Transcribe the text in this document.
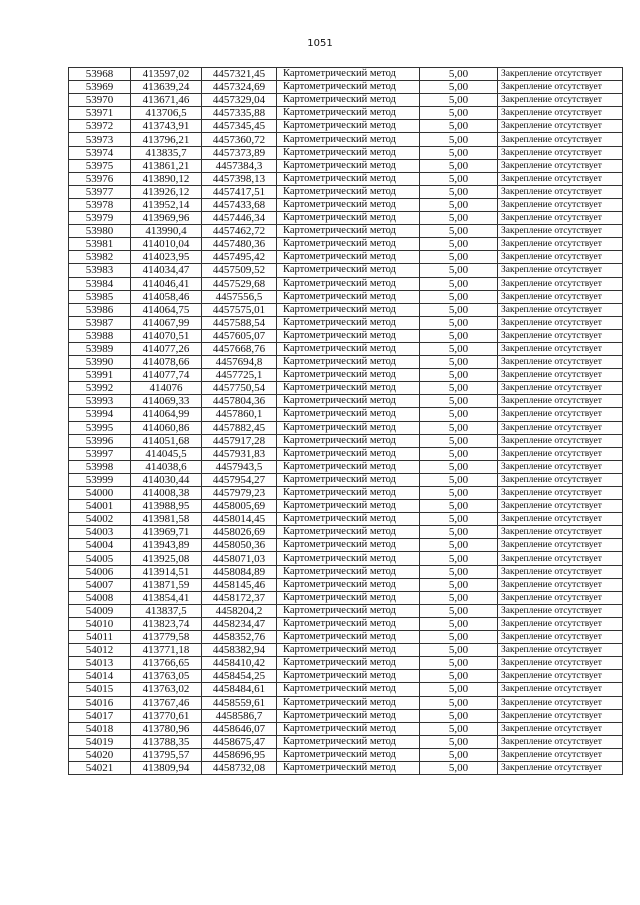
1051
53968	413597,02	4457321,45	Картометрический метод	5,00	Закрепление отсутствует
53969	413639,24	4457324,69	Картометрический метод	5,00	Закрепление отсутствует
53970	413671,46	4457329,04	Картометрический метод	5,00	Закрепление отсутствует
53971	413706,5	4457335,88	Картометрический метод	5,00	Закрепление отсутствует
53972	413743,91	4457345,45	Картометрический метод	5,00	Закрепление отсутствует
53973	413796,21	4457360,72	Картометрический метод	5,00	Закрепление отсутствует
53974	413835,7	4457373,89	Картометрический метод	5,00	Закрепление отсутствует
53975	413861,21	4457384,3	Картометрический метод	5,00	Закрепление отсутствует
53976	413890,12	4457398,13	Картометрический метод	5,00	Закрепление отсутствует
53977	413926,12	4457417,51	Картометрический метод	5,00	Закрепление отсутствует
53978	413952,14	4457433,68	Картометрический метод	5,00	Закрепление отсутствует
53979	413969,96	4457446,34	Картометрический метод	5,00	Закрепление отсутствует
53980	413990,4	4457462,72	Картометрический метод	5,00	Закрепление отсутствует
53981	414010,04	4457480,36	Картометрический метод	5,00	Закрепление отсутствует
53982	414023,95	4457495,42	Картометрический метод	5,00	Закрепление отсутствует
53983	414034,47	4457509,52	Картометрический метод	5,00	Закрепление отсутствует
53984	414046,41	4457529,68	Картометрический метод	5,00	Закрепление отсутствует
53985	414058,46	4457556,5	Картометрический метод	5,00	Закрепление отсутствует
53986	414064,75	4457575,01	Картометрический метод	5,00	Закрепление отсутствует
53987	414067,99	4457588,54	Картометрический метод	5,00	Закрепление отсутствует
53988	414070,51	4457605,07	Картометрический метод	5,00	Закрепление отсутствует
53989	414077,26	4457668,76	Картометрический метод	5,00	Закрепление отсутствует
53990	414078,66	4457694,8	Картометрический метод	5,00	Закрепление отсутствует
53991	414077,74	4457725,1	Картометрический метод	5,00	Закрепление отсутствует
53992	414076	4457750,54	Картометрический метод	5,00	Закрепление отсутствует
53993	414069,33	4457804,36	Картометрический метод	5,00	Закрепление отсутствует
53994	414064,99	4457860,1	Картометрический метод	5,00	Закрепление отсутствует
53995	414060,86	4457882,45	Картометрический метод	5,00	Закрепление отсутствует
53996	414051,68	4457917,28	Картометрический метод	5,00	Закрепление отсутствует
53997	414045,5	4457931,83	Картометрический метод	5,00	Закрепление отсутствует
53998	414038,6	4457943,5	Картометрический метод	5,00	Закрепление отсутствует
53999	414030,44	4457954,27	Картометрический метод	5,00	Закрепление отсутствует
54000	414008,38	4457979,23	Картометрический метод	5,00	Закрепление отсутствует
54001	413988,95	4458005,69	Картометрический метод	5,00	Закрепление отсутствует
54002	413981,58	4458014,45	Картометрический метод	5,00	Закрепление отсутствует
54003	413969,71	4458026,69	Картометрический метод	5,00	Закрепление отсутствует
54004	413943,89	4458050,36	Картометрический метод	5,00	Закрепление отсутствует
54005	413925,08	4458071,03	Картометрический метод	5,00	Закрепление отсутствует
54006	413914,51	4458084,89	Картометрический метод	5,00	Закрепление отсутствует
54007	413871,59	4458145,46	Картометрический метод	5,00	Закрепление отсутствует
54008	413854,41	4458172,37	Картометрический метод	5,00	Закрепление отсутствует
54009	413837,5	4458204,2	Картометрический метод	5,00	Закрепление отсутствует
54010	413823,74	4458234,47	Картометрический метод	5,00	Закрепление отсутствует
54011	413779,58	4458352,76	Картометрический метод	5,00	Закрепление отсутствует
54012	413771,18	4458382,94	Картометрический метод	5,00	Закрепление отсутствует
54013	413766,65	4458410,42	Картометрический метод	5,00	Закрепление отсутствует
54014	413763,05	4458454,25	Картометрический метод	5,00	Закрепление отсутствует
54015	413763,02	4458484,61	Картометрический метод	5,00	Закрепление отсутствует
54016	413767,46	4458559,61	Картометрический метод	5,00	Закрепление отсутствует
54017	413770,61	4458586,7	Картометрический метод	5,00	Закрепление отсутствует
54018	413780,96	4458646,07	Картометрический метод	5,00	Закрепление отсутствует
54019	413788,35	4458675,47	Картометрический метод	5,00	Закрепление отсутствует
54020	413795,57	4458696,95	Картометрический метод	5,00	Закрепление отсутствует
54021	413809,94	4458732,08	Картометрический метод	5,00	Закрепление отсутствует
